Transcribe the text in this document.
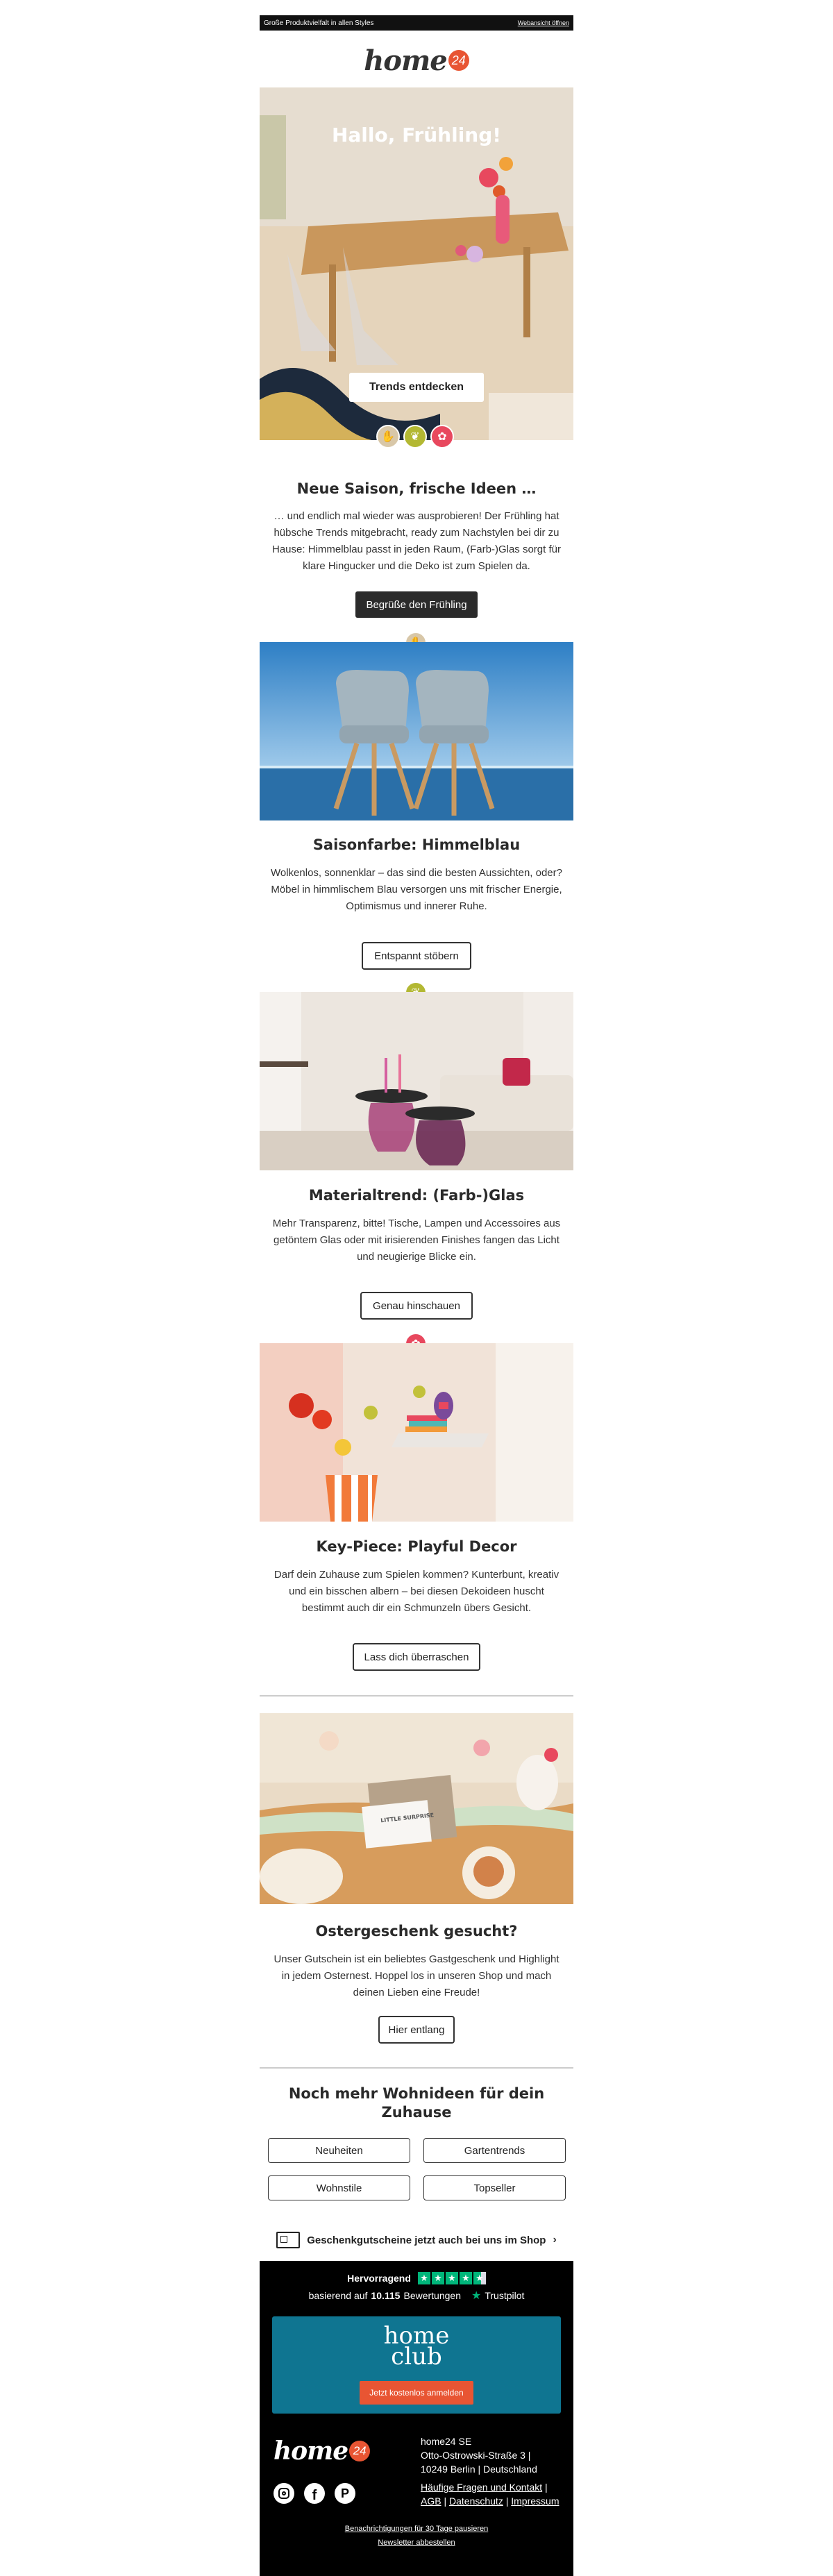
Große Produktvielfalt in allen Styles	Webansicht öffnen
home 24
Hallo, Frühling!
Trends entdecken
✋	❦	✿
Neue Saison, frische Ideen …

… und endlich mal wieder was ausprobieren! Der Frühling hat hübsche Trends mitgebracht, ready zum Nachstylen bei dir zu Hause: Himmelblau passt in jeden Raum, (Farb-)Glas sorgt für klare Hingucker und die Deko ist zum Spielen da.

Begrüße den Frühling
Saisonfarbe: Himmelblau

Wolkenlos, sonnenklar – das sind die besten Aussichten, oder? Möbel in himmlischem Blau versorgen uns mit frischer Energie, Optimismus und innerer Ruhe.

Entspannt stöbern
Materialtrend: (Farb-)Glas

Mehr Transparenz, bitte! Tische, Lampen und Accessoires aus getöntem Glas oder mit irisierenden Finishes fangen das Licht und neugierige Blicke ein.

Genau hinschauen
Key-Piece: Playful Decor

Darf dein Zuhause zum Spielen kommen? Kunterbunt, kreativ und ein bisschen albern – bei diesen Dekoideen huscht bestimmt auch dir ein Schmunzeln übers Gesicht.

Lass dich überraschen
LITTLE SURPRISE
Ostergeschenk gesucht?

Unser Gutschein ist ein beliebtes Gastgeschenk und Highlight in jedem Osternest. Hoppel los in unseren Shop und mach deinen Lieben eine Freude!

Hier entlang
Noch mehr Wohnideen für dein Zuhause
Neuheiten	Gartentrends
Wohnstile	Topseller
Geschenkgutscheine jetzt auch bei uns im Shop ›
Hervorragend ★ ★ ★ ★ ★
basierend auf 10.115 Bewertungen ★ Trustpilot
home
club
Jetzt kostenlos anmelden
home 24
home24 SE
Otto-Ostrowski-Straße 3 |
10249 Berlin | Deutschland
f	P	Häufige Fragen und Kontakt |
AGB | Datenschutz | Impressum
Benachrichtigungen für 30 Tage pausieren
Newsletter abbestellen
